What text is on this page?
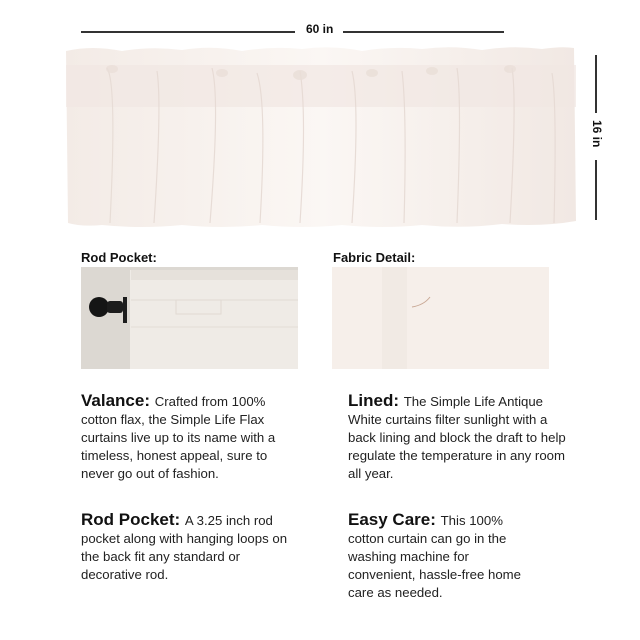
60 in
16 in
Rod Pocket:	Fabric Detail:
Valance: Crafted from 100% cotton flax, the Simple Life Flax curtains live up to its name with a timeless, honest appeal, sure to never go out of fashion.
Lined: The Simple Life Antique White curtains filter sunlight with a back lining and block the draft to help regulate the temperature in any room all year.
Rod Pocket: A 3.25 inch rod pocket along with hanging loops on the back fit any standard or decorative rod.
Easy Care: This 100% cotton curtain can go in the washing machine for convenient, hassle-free home care as needed.
